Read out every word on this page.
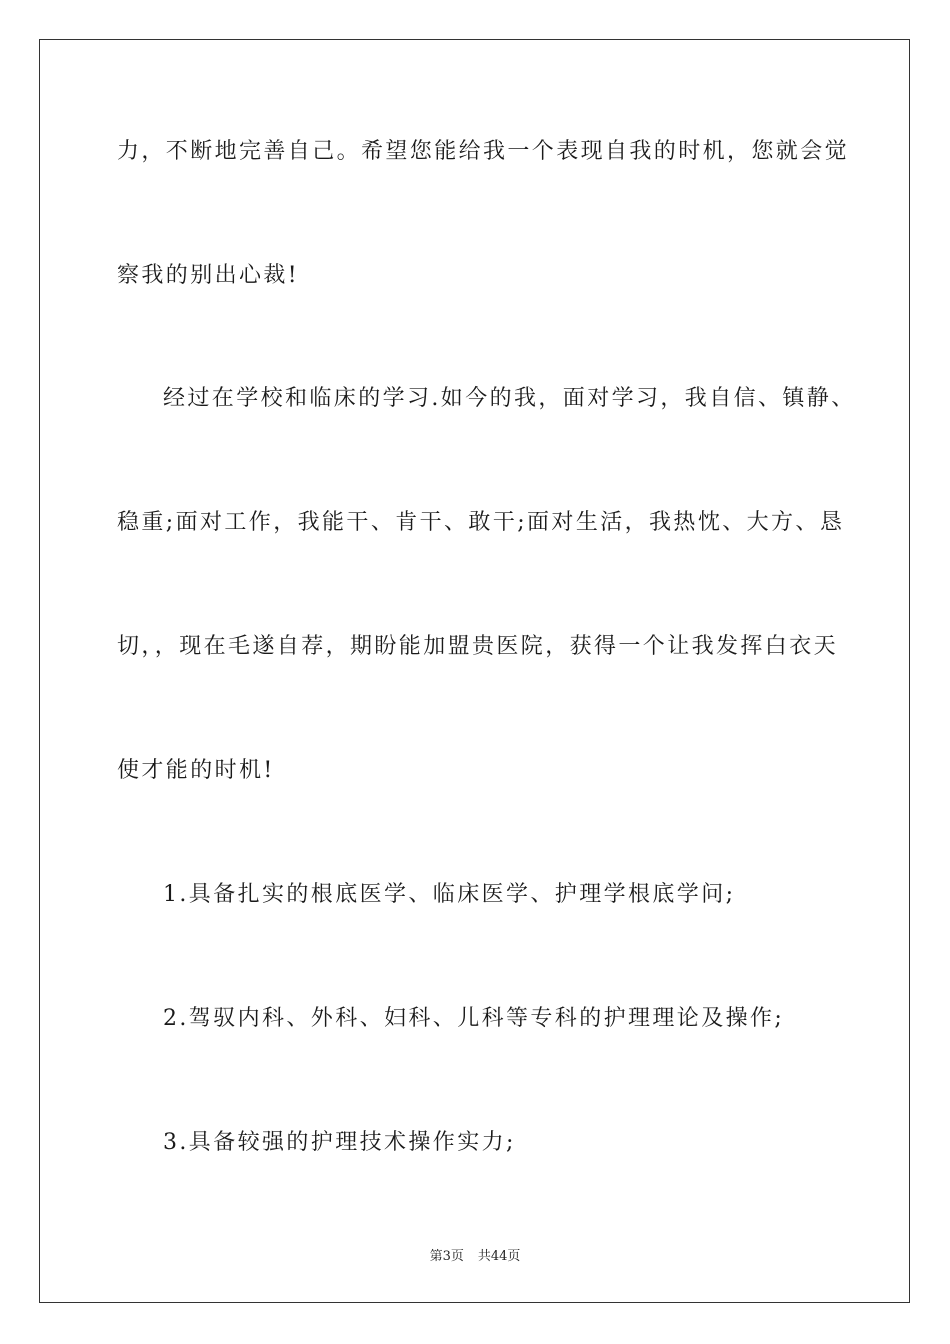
力，不断地完善自己。希望您能给我一个表现自我的时机，您就会觉
察我的别出心裁!
经过在学校和临床的学习.如今的我，面对学习，我自信、镇静、
稳重;面对工作，我能干、肯干、敢干;面对生活，我热忱、大方、恳
切，，现在毛遂自荐，期盼能加盟贵医院，获得一个让我发挥白衣天
使才能的时机!
1.具备扎实的根底医学、临床医学、护理学根底学问;
2.驾驭内科、外科、妇科、儿科等专科的护理理论及操作;
3.具备较强的护理技术操作实力;
第3页 共44页
